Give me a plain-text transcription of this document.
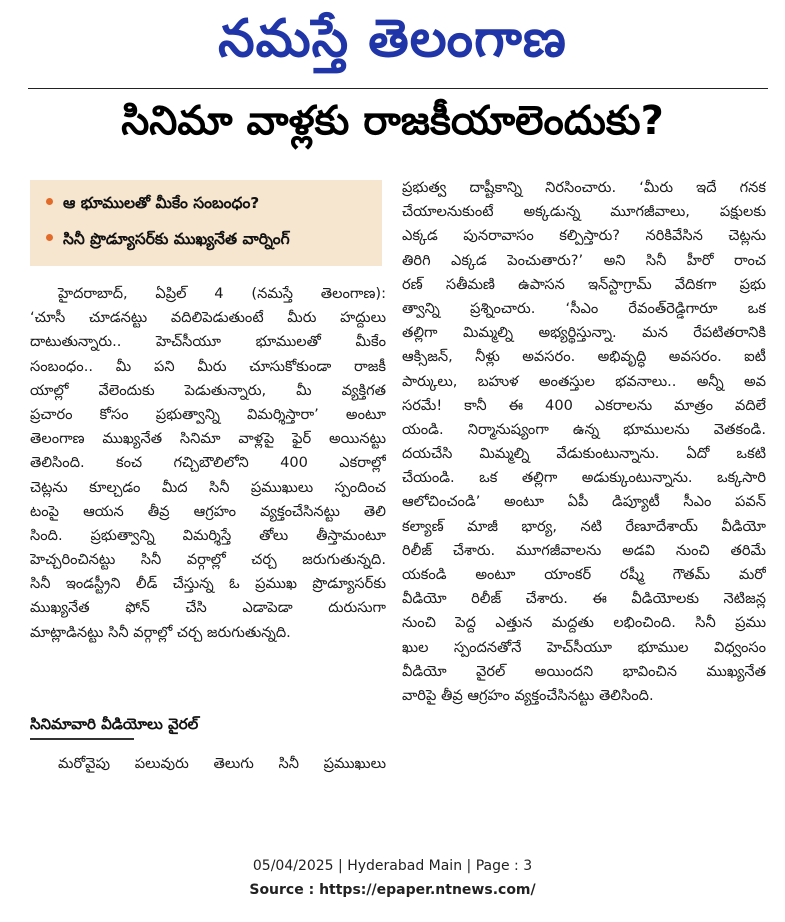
నమస్తే తెలంగాణ
సినిమా వాళ్లకు రాజకీయాలెందుకు?
ఆ భూములతో మీకేం సంబంధం?
సినీ ప్రొడ్యూసర్‌కు ముఖ్యనేత వార్నింగ్
హైదరాబాద్, ఏప్రిల్ 4 (నమస్తే తెలంగాణ):
‘చూసీ చూడనట్టు వదిలిపెడుతుంటే మీరు హద్దులు
దాటుతున్నారు.. హెచ్‌సీయూ భూములతో మీకేం
సంబంధం.. మీ పని మీరు చూసుకోకుండా రాజకీ
యాల్లో వేలెందుకు పెడుతున్నారు, మీ వ్యక్తిగత
ప్రచారం కోసం ప్రభుత్వాన్ని విమర్శిస్తారా’ అంటూ
తెలంగాణ ముఖ్యనేత సినిమా వాళ్లపై ఫైర్ అయినట్టు
తెలిసింది. కంచ గచ్చిబౌలిలోని 400 ఎకరాల్లో
చెట్లను కూల్చడం మీద సినీ ప్రముఖులు స్పందించ
టంపై ఆయన తీవ్ర ఆగ్రహం వ్యక్తంచేసినట్టు తెలి
సింది. ప్రభుత్వాన్ని విమర్శిస్తే తోలు తీస్తామంటూ
హెచ్చరించినట్టు సినీ వర్గాల్లో చర్చ జరుగుతున్నది.
సినీ ఇండస్ట్రీని లీడ్ చేస్తున్న ఓ ప్రముఖ ప్రొడ్యూసర్‌కు
ముఖ్యనేత ఫోన్ చేసి ఎడాపెడా దురుసుగా
మాట్లాడినట్టు సినీ వర్గాల్లో చర్చ జరుగుతున్నది.
సినిమావారి వీడియోలు వైరల్
మరోవైపు పలువురు తెలుగు సినీ ప్రముఖులు
ప్రభుత్వ దాష్టీకాన్ని నిరసించారు. ‘మీరు ఇదే గనక
చేయాలనుకుంటే అక్కడున్న మూగజీవాలు, పక్షులకు
ఎక్కడ పునరావాసం కల్పిస్తారు? నరికివేసిన చెట్లను
తిరిగి ఎక్కడ పెంచుతారు?’ అని సినీ హీరో రాంచ
రణ్ సతీమణి ఉపాసన ఇన్‌స్టాగ్రామ్ వేదికగా ప్రభు
త్వాన్ని ప్రశ్నించారు. ‘సీఎం రేవంత్‌రెడ్డిగారూ ఒక
తల్లిగా మిమ్మల్ని అభ్యర్థిస్తున్నా. మన రేపటితరానికి
ఆక్సిజన్, నీళ్లు అవసరం. అభివృద్ధి అవసరం. ఐటీ
పార్కులు, బహుళ అంతస్తుల భవనాలు.. అన్నీ అవ
సరమే! కానీ ఈ 400 ఎకరాలను మాత్రం వదిలే
యండి. నిర్మానుష్యంగా ఉన్న భూములను వెతకండి.
దయచేసి మిమ్మల్ని వేడుకుంటున్నాను. ఏదో ఒకటి
చేయండి. ఒక తల్లిగా అడుక్కుంటున్నాను. ఒక్కసారి
ఆలోచించండి’ అంటూ ఏపీ డిప్యూటీ సీఎం పవన్
కల్యాణ్ మాజీ భార్య, నటి రేణూదేశాయ్ వీడియో
రిలీజ్ చేశారు. మూగజీవాలను అడవి నుంచి తరిమే
యకండి అంటూ యాంకర్ రష్మీ గౌతమ్ మరో
వీడియో రిలీజ్ చేశారు. ఈ వీడియోలకు నెటిజన్ల
నుంచి పెద్ద ఎత్తున మద్దతు లభించింది. సినీ ప్రము
ఖుల స్పందనతోనే హెచ్‌సీయూ భూముల విధ్వంసం
వీడియో వైరల్ అయిందని భావించిన ముఖ్యనేత
వారిపై తీవ్ర ఆగ్రహం వ్యక్తంచేసినట్టు తెలిసింది.
05/04/2025 | Hyderabad Main | Page : 3
Source : https://epaper.ntnews.com/
